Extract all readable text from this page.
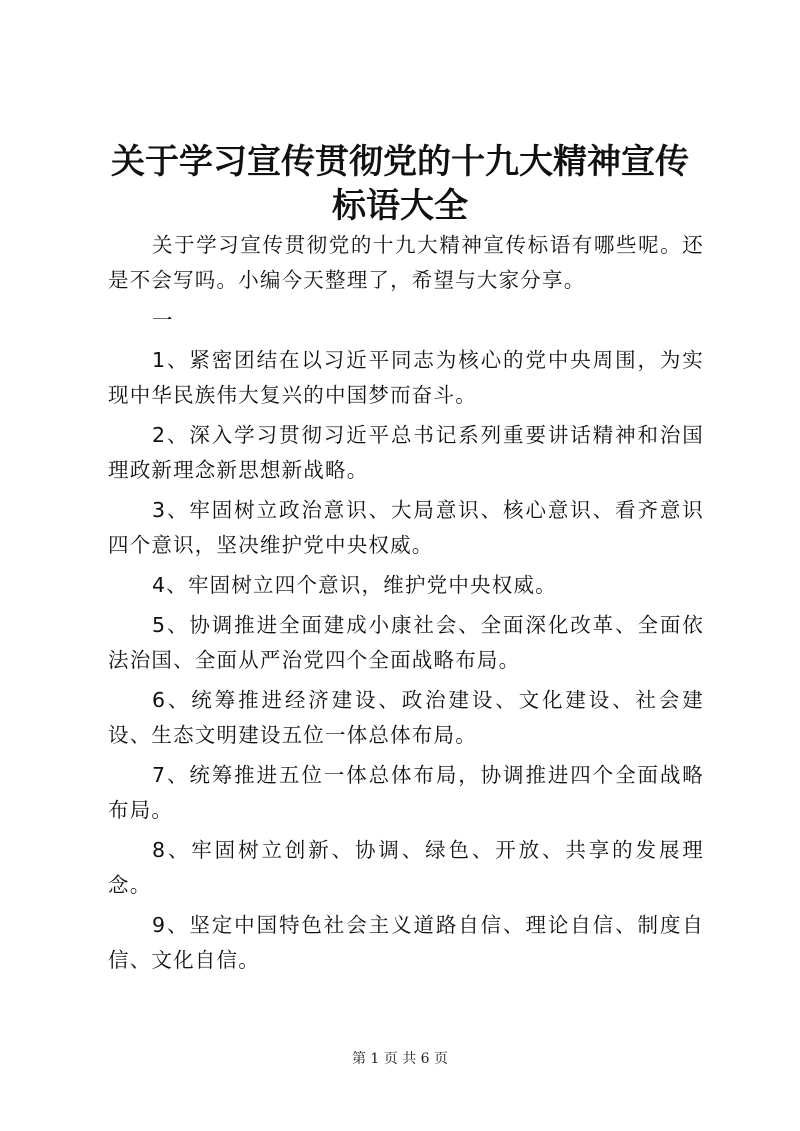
关于学习宣传贯彻党的十九大精神宣传标语大全

关于学习宣传贯彻党的十九大精神宣传标语有哪些呢。还是不会写吗。小编今天整理了，希望与大家分享。

一

1、紧密团结在以习近平同志为核心的党中央周围，为实现中华民族伟大复兴的中国梦而奋斗。

2、深入学习贯彻习近平总书记系列重要讲话精神和治国理政新理念新思想新战略。

3、牢固树立政治意识、大局意识、核心意识、看齐意识四个意识，坚决维护党中央权威。

4、牢固树立四个意识，维护党中央权威。

5、协调推进全面建成小康社会、全面深化改革、全面依法治国、全面从严治党四个全面战略布局。

6、统筹推进经济建设、政治建设、文化建设、社会建设、生态文明建设五位一体总体布局。

7、统筹推进五位一体总体布局，协调推进四个全面战略布局。

8、牢固树立创新、协调、绿色、开放、共享的发展理念。

9、坚定中国特色社会主义道路自信、理论自信、制度自信、文化自信。

第 1 页 共 6 页
